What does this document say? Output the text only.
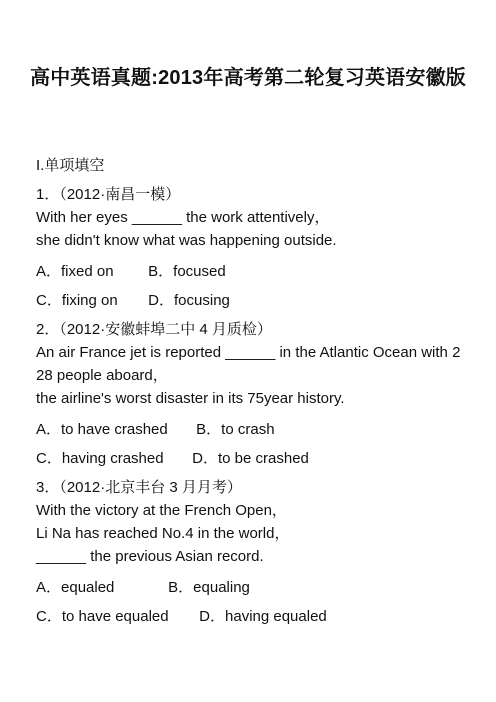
高中英语真题:2013年高考第二轮复习英语安徽版
I.单项填空
1．（2012·南昌一模）
With her eyes ______ the work attentively，
she didn't know what was happening outside.
A．fixed on B．focused
C．fixing on D．focusing
2．（2012·安徽蚌埠二中 4 月质检）
An air France jet is reported ______ in the Atlantic Ocean with 228 people aboard，
the airline's worst disaster in its 75year history.
A．to have crashed B．to crash
C．having crashed D．to be crashed
3．（2012·北京丰台 3 月月考）
With the victory at the French Open，
Li Na has reached No.4 in the world，
______ the previous Asian record.
A．equaled	B．equaling
C．to have equaled D．having equaled
